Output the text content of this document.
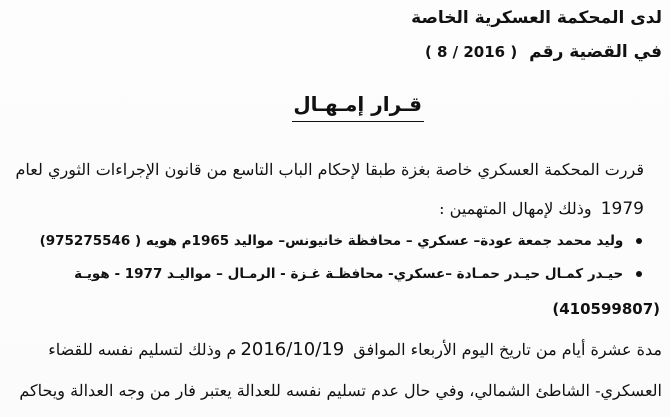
لدى المحكمة العسكرية الخاصة
في القضية رقم ( 8 / 2016 )
قـرار إمـهـال
قررت المحكمة العسكري خاصة بغزة طبقا لإحكام الباب التاسع من قانون الإجراءات الثوري لعام
1979 وذلك لإمهال المتهمين :
وليد محمد جمعة عودة– عسكري – محافظة خانيونس– مواليد 1965م هويه ( 975275546)
حيـدر كمـال حيـدر حمـادة –عسكري- محافظـة غـزة - الرمـال – مواليـد 1977 - هويـة
(410599807)
مدة عشرة أيام من تاريخ اليوم الأربعاء الموافق 2016/10/19م وذلك لتسليم نفسه للقضاء
العسكري- الشاطئ الشمالي، وفي حال عدم تسليم نفسه للعدالة يعتبر فار من وجه العدالة ويحاكم
